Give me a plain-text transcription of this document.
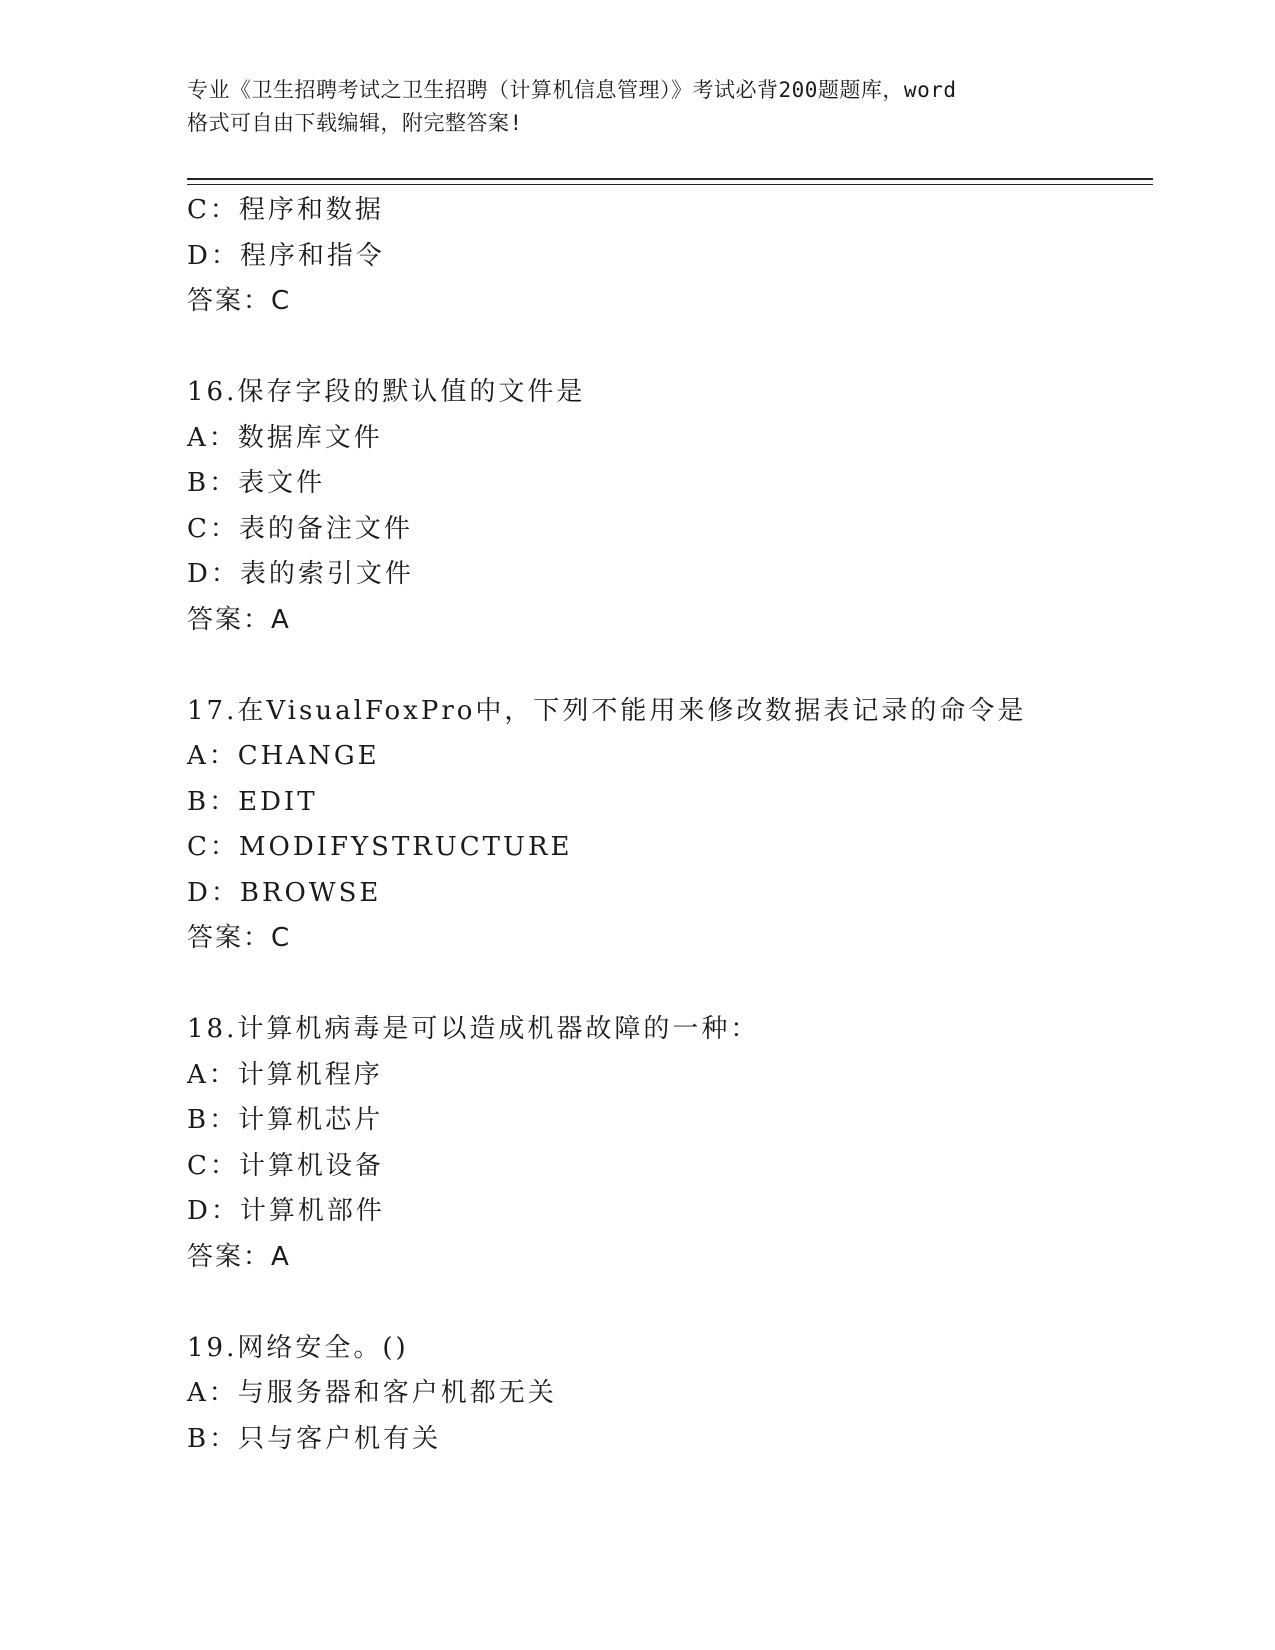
专业《卫生招聘考试之卫生招聘（计算机信息管理）》考试必背200题题库，word
格式可自由下载编辑，附完整答案!
C：程序和数据
D：程序和指令
答案：C
16.保存字段的默认值的文件是
A：数据库文件
B：表文件
C：表的备注文件
D：表的索引文件
答案：A
17.在VisualFoxPro中，下列不能用来修改数据表记录的命令是
A：CHANGE
B：EDIT
C：MODIFYSTRUCTURE
D：BROWSE
答案：C
18.计算机病毒是可以造成机器故障的一种：
A：计算机程序
B：计算机芯片
C：计算机设备
D：计算机部件
答案：A
19.网络安全。()
A：与服务器和客户机都无关
B：只与客户机有关
